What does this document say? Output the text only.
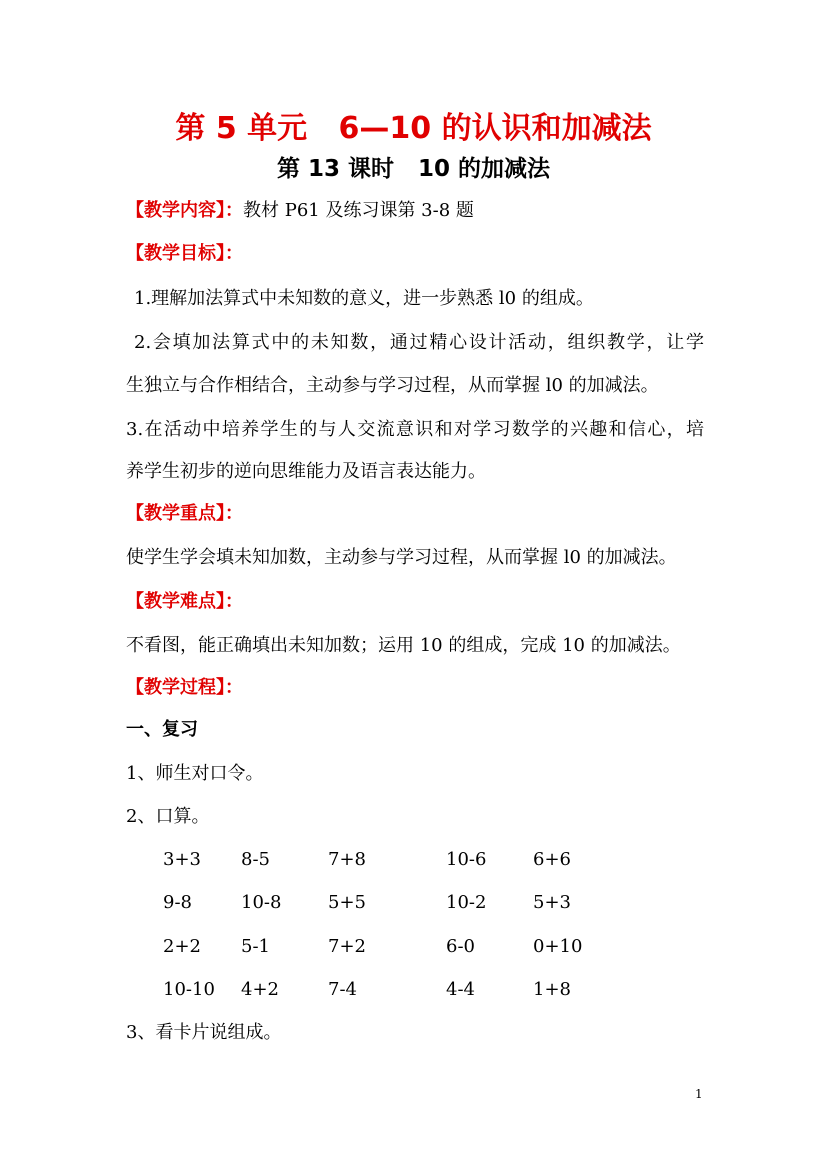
第 5 单元   6—10 的认识和加减法
第 13 课时   10 的加减法
【教学内容】：教材 P61 及练习课第 3-8 题
【教学目标】：
1.理解加法算式中未知数的意义，进一步熟悉 l0 的组成。
2.会填加法算式中的未知数，通过精心设计活动，组织教学，让学
生独立与合作相结合，主动参与学习过程，从而掌握 l0 的加减法。
3.在活动中培养学生的与人交流意识和对学习数学的兴趣和信心，培
养学生初步的逆向思维能力及语言表达能力。
【教学重点】：
使学生学会填未知加数，主动参与学习过程，从而掌握 l0 的加减法。
【教学难点】：
不看图，能正确填出未知加数；运用 10 的组成，完成 10 的加减法。
【教学过程】：
一、复习
1、师生对口令。
2、口算。
3+3 8-5	7+8	10-6	6+6
9-8	10-8	5+5	10-2	5+3
2+2 5-1	7+2	6-0	0+10
10-10 4+2	7-4	4-4	1+8
3、看卡片说组成。
1
